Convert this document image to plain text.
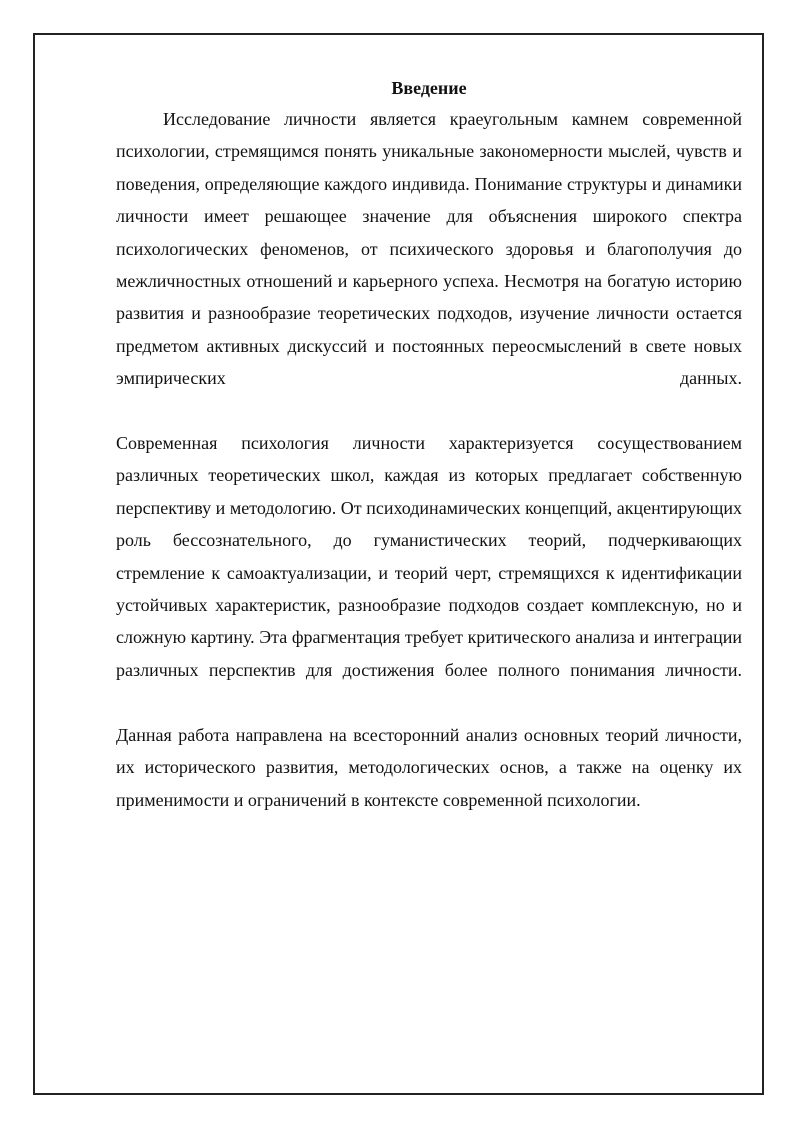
Введение

Исследование личности является краеугольным камнем современной психологии, стремящимся понять уникальные закономерности мыслей, чувств и поведения, определяющие каждого индивида. Понимание структуры и динамики личности имеет решающее значение для объяснения широкого спектра психологических феноменов, от психического здоровья и благополучия до межличностных отношений и карьерного успеха. Несмотря на богатую историю развития и разнообразие теоретических подходов, изучение личности остается предметом активных дискуссий и постоянных переосмыслений в свете новых эмпирических данных.

Современная психология личности характеризуется сосуществованием различных теоретических школ, каждая из которых предлагает собственную перспективу и методологию. От психодинамических концепций, акцентирующих роль бессознательного, до гуманистических теорий, подчеркивающих стремление к самоактуализации, и теорий черт, стремящихся к идентификации устойчивых характеристик, разнообразие подходов создает комплексную, но и сложную картину. Эта фрагментация требует критического анализа и интеграции различных перспектив для достижения более полного понимания личности.

Данная работа направлена на всесторонний анализ основных теорий личности, их исторического развития, методологических основ, а также на оценку их применимости и ограничений в контексте современной психологии.
